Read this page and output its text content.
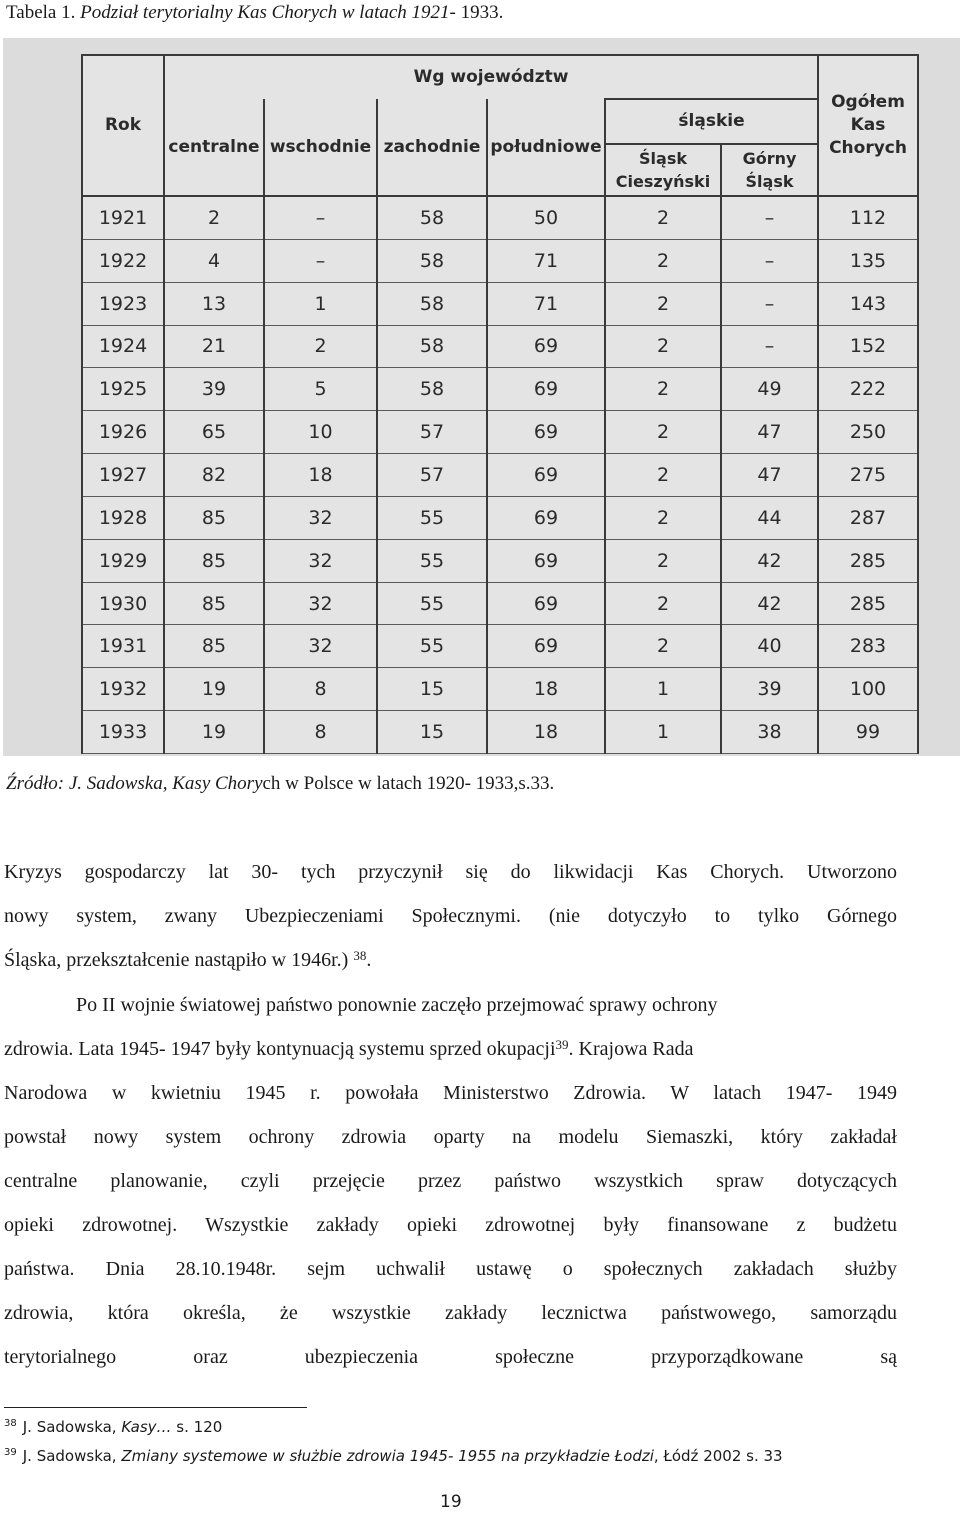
Tabela 1. Podział terytorialny Kas Chorych w latach 1921- 1933.
Rok	Wg województw						Ogółem Kas Chorych
	centralne	wschodnie	zachodnie	południowe	śląskie		
					Śląsk Cieszyński	Górny Śląsk	
1921	2	–	58	50	2	–	112
1922	4	–	58	71	2	–	135
1923	13	1	58	71	2	–	143
1924	21	2	58	69	2	–	152
1925	39	5	58	69	2	49	222
1926	65	10	57	69	2	47	250
1927	82	18	57	69	2	47	275
1928	85	32	55	69	2	44	287
1929	85	32	55	69	2	42	285
1930	85	32	55	69	2	42	285
1931	85	32	55	69	2	40	283
1932	19	8	15	18	1	39	100
1933	19	8	15	18	1	38	99
Źródło: J. Sadowska, Kasy Chorych w Polsce w latach 1920- 1933,s.33.
Kryzys gospodarczy lat 30- tych przyczynił się do likwidacji Kas Chorych. Utworzono
nowy system, zwany Ubezpieczeniami Społecznymi. (nie dotyczyło to tylko Górnego
Śląska, przekształcenie nastąpiło w 1946r.) $^{38}$.
Po II wojnie światowej państwo ponownie zaczęło przejmować sprawy ochrony
zdrowia. Lata 1945- 1947 były kontynuacją systemu sprzed okupacji$^{39}$. Krajowa Rada
Narodowa w kwietniu 1945 r. powołała Ministerstwo Zdrowia. W latach 1947- 1949
powstał nowy system ochrony zdrowia oparty na modelu Siemaszki, który zakładał
centralne planowanie, czyli przejęcie przez państwo wszystkich spraw dotyczących
opieki zdrowotnej. Wszystkie zakłady opieki zdrowotnej były finansowane z budżetu
państwa. Dnia 28.10.1948r. sejm uchwalił ustawę o społecznych zakładach służby
zdrowia, która określa, że wszystkie zakłady lecznictwa państwowego, samorządu
terytorialnego oraz ubezpieczenia społeczne przyporządkowane są
$^{38}$ J. Sadowska, Kasy… s. 120
$^{39}$ J. Sadowska, Zmiany systemowe w służbie zdrowia 1945- 1955 na przykładzie Łodzi, Łódź 2002 s. 33
19
